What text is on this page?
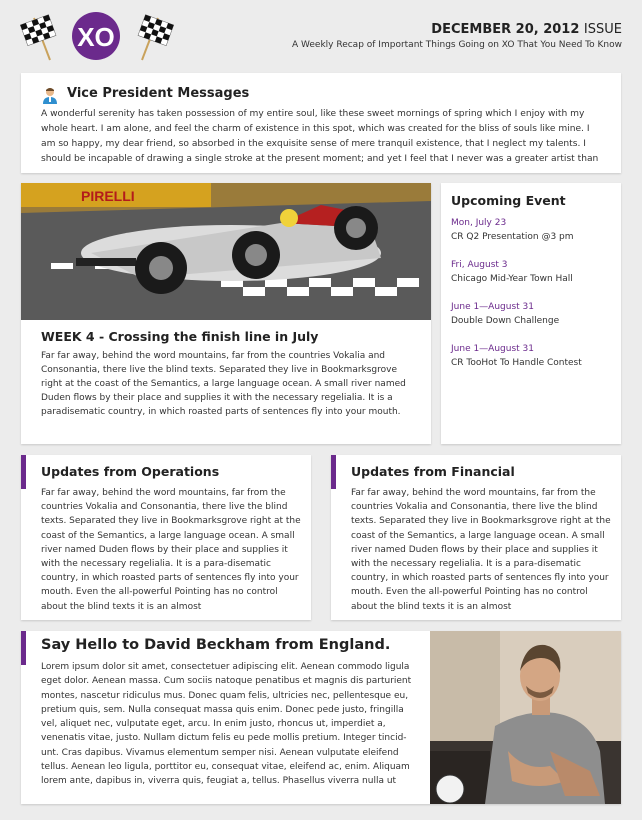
XO	DECEMBER 20, 2012 ISSUE
A Weekly Recap of Important Things Going on XO That You Need To Know
Vice President Messages
A wonderful serenity has taken possession of my entire soul, like these sweet mornings of spring which I enjoy with my whole heart. I am alone, and feel the charm of existence in this spot, which was created for the bliss of souls like mine. I am so happy, my dear friend, so absorbed in the exquisite sense of mere tranquil existence, that I neglect my talents. I should be incapable of drawing a single stroke at the present moment; and yet I feel that I never was a greater artist than
PIRELLI
WEEK 4 - Crossing the finish line in July
Far far away, behind the word mountains, far from the countries Vokalia and Consonantia, there live the blind texts. Separated they live in Bookmarksgrove right at the coast of the Semantics, a large language ocean. A small river named Duden flows by their place and supplies it with the necessary regelialia. It is a paradisematic country, in which roasted parts of sentences fly into your mouth.
Upcoming Event
Mon, July 23
CR Q2 Presentation @3 pm
Fri, August 3
Chicago Mid-Year Town Hall
June 1—August 31
Double Down Challenge
June 1—August 31
CR TooHot To Handle Contest
Updates from Operations
Far far away, behind the word mountains, far from the countries Vokalia and Consonantia, there live the blind texts. Separated they live in Bookmarksgrove right at the coast of the Semantics, a large language ocean. A small river named Duden flows by their place and supplies it with the necessary regelialia. It is a para-disematic country, in which roasted parts of sentences fly into your mouth. Even the all-powerful Pointing has no control about the blind texts it is an almost
Updates from Financial
Far far away, behind the word mountains, far from the countries Vokalia and Consonantia, there live the blind texts. Separated they live in Bookmarksgrove right at the coast of the Semantics, a large language ocean. A small river named Duden flows by their place and supplies it with the necessary regelialia. It is a para-disematic country, in which roasted parts of sentences fly into your mouth. Even the all-powerful Pointing has no control about the blind texts it is an almost
Say Hello to David Beckham from England.
Lorem ipsum dolor sit amet, consectetuer adipiscing elit. Aenean commodo ligula eget dolor. Aenean massa. Cum sociis natoque penatibus et magnis dis parturient montes, nascetur ridiculus mus. Donec quam felis, ultricies nec, pellentesque eu, pretium quis, sem. Nulla consequat massa quis enim. Donec pede justo, fringilla vel, aliquet nec, vulputate eget, arcu. In enim justo, rhoncus ut, imperdiet a, venenatis vitae, justo. Nullam dictum felis eu pede mollis pretium. Integer tincid-unt. Cras dapibus. Vivamus elementum semper nisi. Aenean vulputate eleifend tellus. Aenean leo ligula, porttitor eu, consequat vitae, eleifend ac, enim. Aliquam lorem ante, dapibus in, viverra quis, feugiat a, tellus. Phasellus viverra nulla ut
